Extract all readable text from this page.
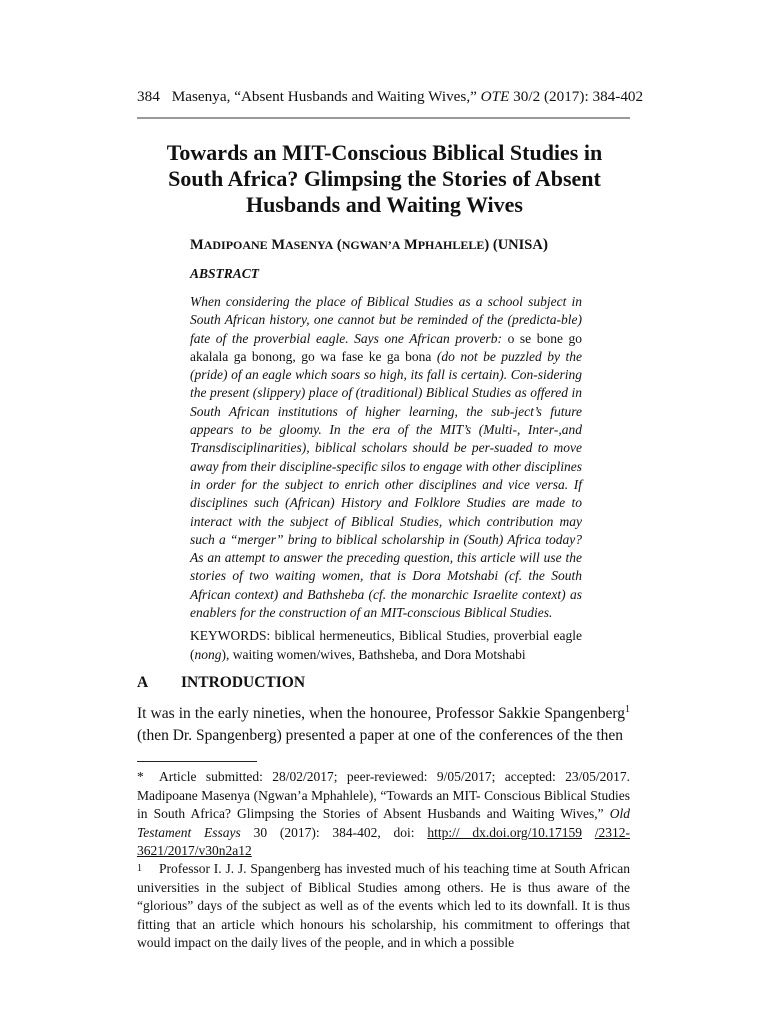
384 Masenya, “Absent Husbands and Waiting Wives,” OTE 30/2 (2017): 384-402
Towards an MIT-Conscious Biblical Studies in
South Africa? Glimpsing the Stories of Absent
Husbands and Waiting Wives
MADIPOANE MASENYA (NGWAN’A MPHAHLELE) (UNISA)
ABSTRACT
When considering the place of Biblical Studies as a school subject in South African history, one cannot but be reminded of the (predicta-ble) fate of the proverbial eagle. Says one African proverb: o se bone go akalala ga bonong, go wa fase ke ga bona (do not be puzzled by the (pride) of an eagle which soars so high, its fall is certain). Con-sidering the present (slippery) place of (traditional) Biblical Studies as offered in South African institutions of higher learning, the sub-ject’s future appears to be gloomy. In the era of the MIT’s (Multi-, Inter-,and Transdisciplinarities), biblical scholars should be per-suaded to move away from their discipline-specific silos to engage with other disciplines in order for the subject to enrich other disciplines and vice versa. If disciplines such (African) History and Folklore Studies are made to interact with the subject of Biblical Studies, which contribution may such a “merger” bring to biblical scholarship in (South) Africa today? As an attempt to answer the preceding question, this article will use the stories of two waiting women, that is Dora Motshabi (cf. the South African context) and Bathsheba (cf. the monarchic Israelite context) as enablers for the construction of an MIT-conscious Biblical Studies.
KEYWORDS: biblical hermeneutics, Biblical Studies, proverbial eagle (nong), waiting women/wives, Bathsheba, and Dora Motshabi
A INTRODUCTION
It was in the early nineties, when the honouree, Professor Sakkie Spangenberg$^1$ (then Dr. Spangenberg) presented a paper at one of the conferences of the then
* Article submitted: 28/02/2017; peer-reviewed: 9/05/2017; accepted: 23/05/2017. Madipoane Masenya (Ngwan’a Mphahlele), “Towards an MIT- Conscious Biblical Studies in South Africa? Glimpsing the Stories of Absent Husbands and Waiting Wives,” Old Testament Essays 30 (2017): 384-402, doi: http:// dx.doi.org/10.17159 /2312-3621/2017/v30n2a12
1 Professor I. J. J. Spangenberg has invested much of his teaching time at South African universities in the subject of Biblical Studies among others. He is thus aware of the “glorious” days of the subject as well as of the events which led to its downfall. It is thus fitting that an article which honours his scholarship, his commitment to offerings that would impact on the daily lives of the people, and in which a possible
